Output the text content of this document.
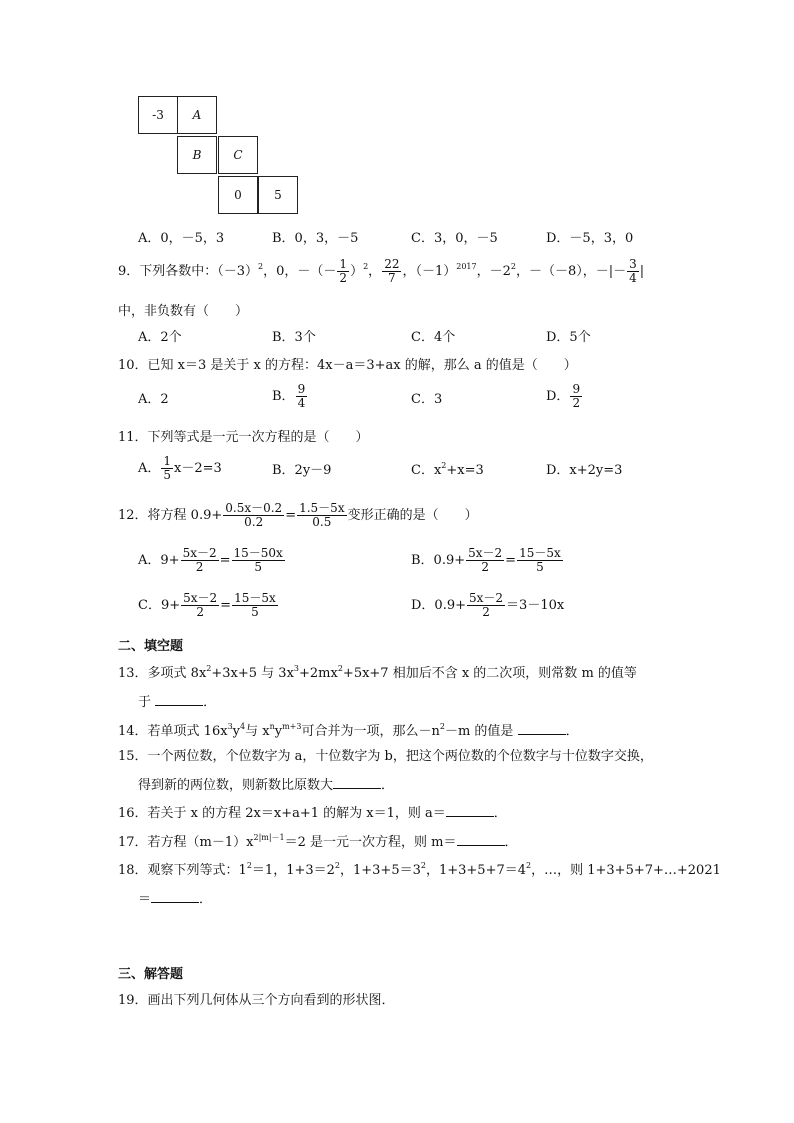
-3 A
B	C
0	5
A．0，－5，3	B．0，3，－5	C．3，0，－5	D．－5，3，0
9．下列各数中：$(-3)^2$，0，－（－ $\frac{1}{2} )^2$， $\frac{22}{7}$ ，$(-1)^{2017}$，$-2^2$，－（－8），－|－ $\frac{3}{4}$ |
中，非负数有（　　）
A．2个	B．3个	C．4个	D．5个
10．已知 x＝3 是关于 x 的方程：4x－a＝3+ax 的解，那么 a 的值是（　　）
A．2	B． $\frac{9}{4}$	C．3	D． $\frac{9}{2}$
11．下列等式是一元一次方程的是（　　）
A． $\frac{1}{5} x-2=3$	B．2y－9	C．$x^2+x=3$	D．x+2y=3
12．将方程 $0.9+ \frac{0.5x-0.2}{0.2} = \frac{1.5-5x}{0.5}$ 变形正确的是（　　）
A．$9+ \frac{5x-2}{2} = \frac{15-50x}{5}$	B．$0.9+ \frac{5x-2}{2} = \frac{15-5x}{5}$
C．$9+ \frac{5x-2}{2} = \frac{15-5x}{5}$	D．$0.9+ \frac{5x-2}{2} =3-10x$
二、填空题
13．多项式 $8x^2+3x+5$ 与 $3x^3+2mx^2+5x+7$ 相加后不含 x 的二次项，则常数 m 的值等
于	．
14．若单项式 $16x^3y^4$与 $x^ny^{m+3}$可合并为一项，那么$-n^2-m$ 的值是	．
15．一个两位数，个位数字为 a，十位数字为 b，把这个两位数的个位数字与十位数字交换，
得到新的两位数，则新数比原数大	．
16．若关于 x 的方程 2x＝x+a+1 的解为 x＝1，则 a＝	．
17．若方程$(m-1)x^{2|m|-1}=2$ 是一元一次方程，则 m＝	．
18．观察下列等式：$1^2=1$，$1+3=2^2$，$1+3+5=3^2$，$1+3+5+7=4^2$，…，则 1+3+5+7+…+2021
＝	．
三、解答题
19．画出下列几何体从三个方向看到的形状图．
